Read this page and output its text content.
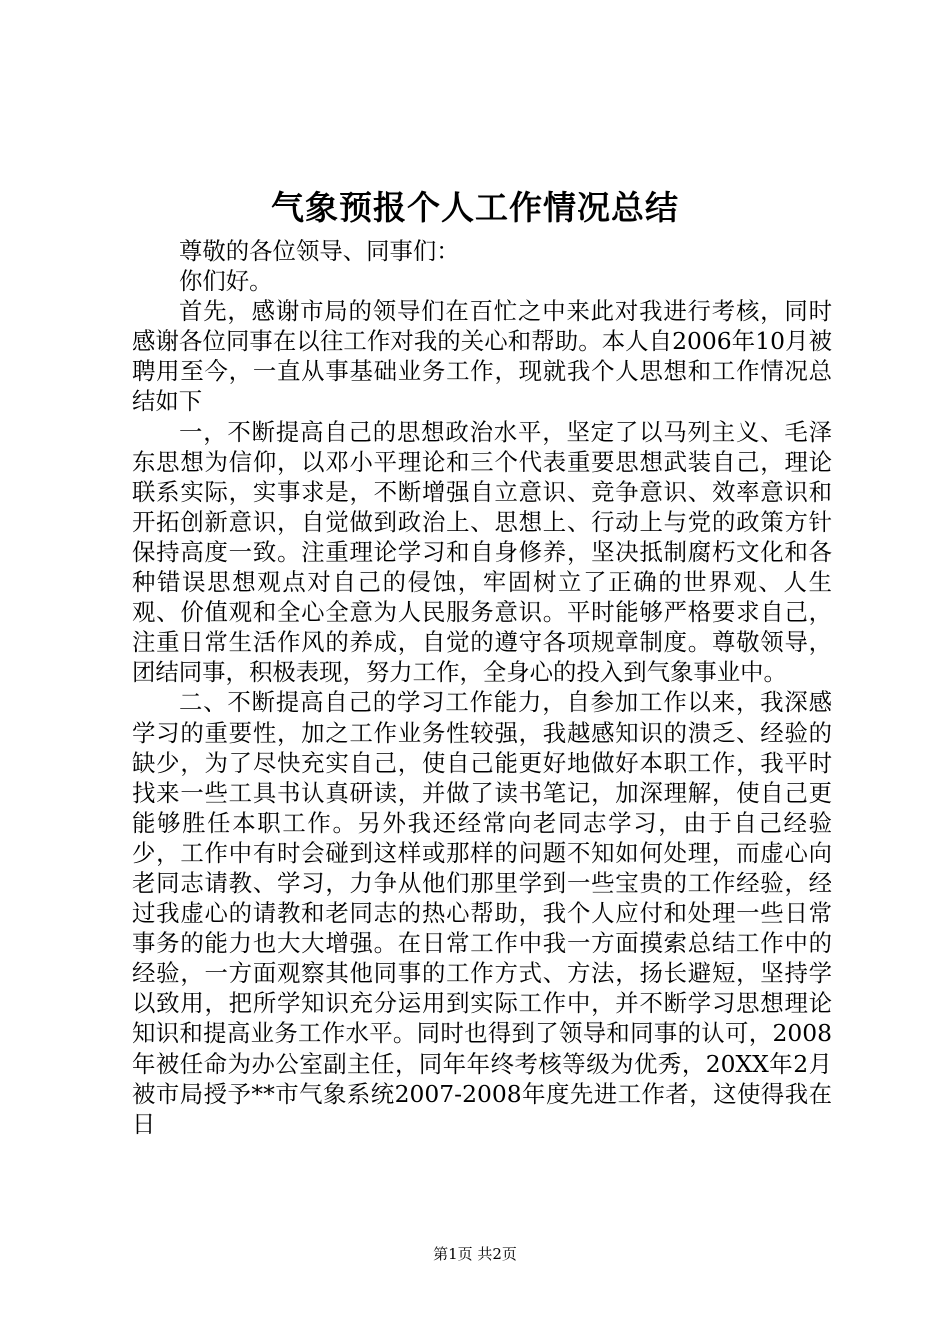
气象预报个人工作情况总结

尊敬的各位领导、同事们：

你们好。

首先，感谢市局的领导们在百忙之中来此对我进行考核，同时感谢各位同事在以往工作对我的关心和帮助。本人自2006年10月被聘用至今，一直从事基础业务工作，现就我个人思想和工作情况总结如下

一，不断提高自己的思想政治水平，坚定了以马列主义、毛泽东思想为信仰，以邓小平理论和三个代表重要思想武装自己，理论联系实际，实事求是，不断增强自立意识、竞争意识、效率意识和开拓创新意识，自觉做到政治上、思想上、行动上与党的政策方针保持高度一致。注重理论学习和自身修养，坚决抵制腐朽文化和各种错误思想观点对自己的侵蚀，牢固树立了正确的世界观、人生观、价值观和全心全意为人民服务意识。平时能够严格要求自己，注重日常生活作风的养成，自觉的遵守各项规章制度。尊敬领导，团结同事，积极表现，努力工作，全身心的投入到气象事业中。

二、不断提高自己的学习工作能力，自参加工作以来，我深感学习的重要性，加之工作业务性较强，我越感知识的溃乏、经验的缺少，为了尽快充实自己，使自己能更好地做好本职工作，我平时找来一些工具书认真研读，并做了读书笔记，加深理解，使自己更能够胜任本职工作。另外我还经常向老同志学习，由于自己经验少，工作中有时会碰到这样或那样的问题不知如何处理，而虚心向老同志请教、学习，力争从他们那里学到一些宝贵的工作经验，经过我虚心的请教和老同志的热心帮助，我个人应付和处理一些日常事务的能力也大大增强。在日常工作中我一方面摸索总结工作中的经验，一方面观察其他同事的工作方式、方法，扬长避短，坚持学以致用，把所学知识充分运用到实际工作中，并不断学习思想理论知识和提高业务工作水平。同时也得到了领导和同事的认可，2008年被任命为办公室副主任，同年年终考核等级为优秀，20XX年2月被市局授予**市气象系统2007-2008年度先进工作者，这使得我在日

第1页 共2页
